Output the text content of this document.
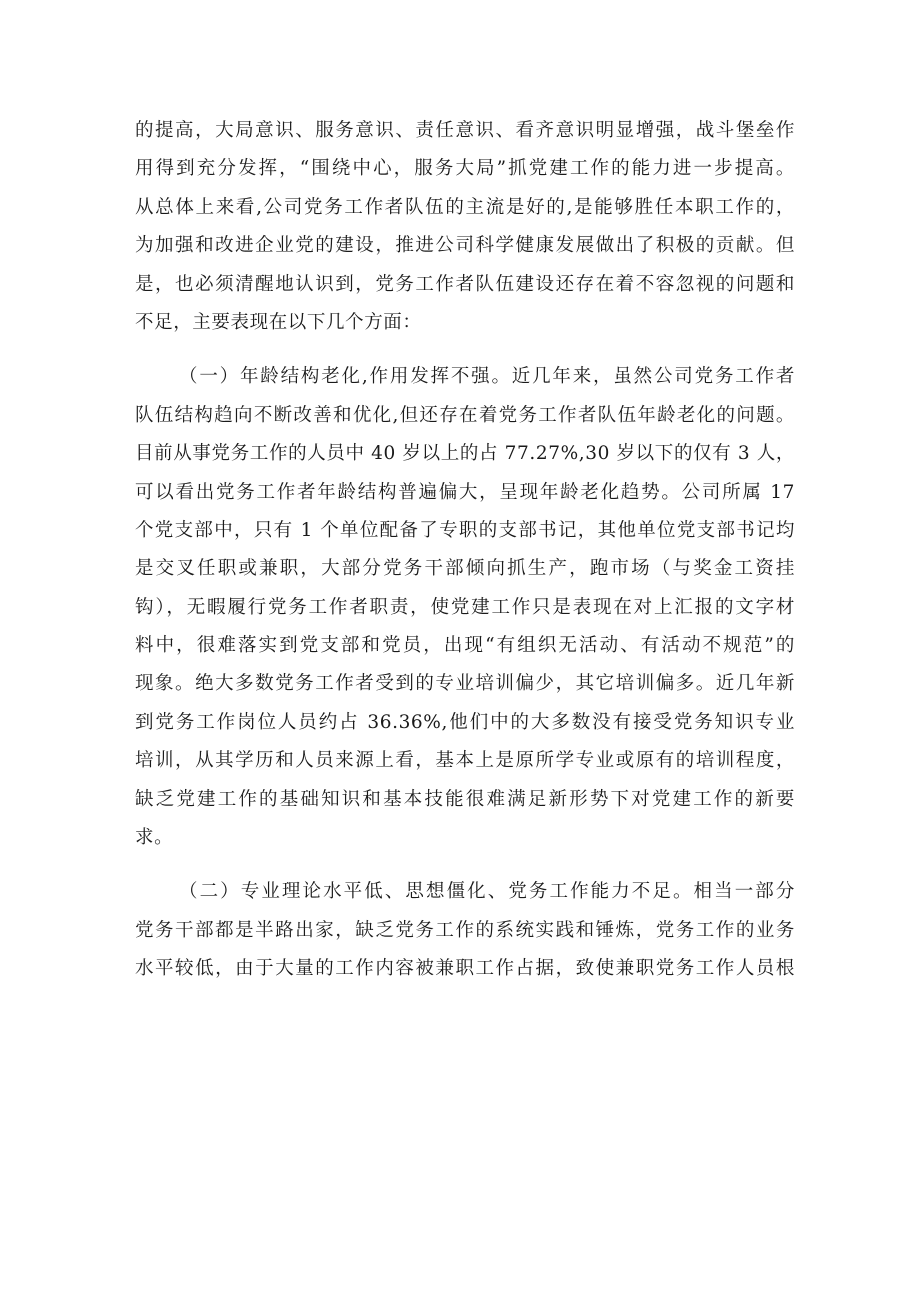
的提高，大局意识、服务意识、责任意识、看齐意识明显增强，战斗堡垒作
用得到充分发挥，“围绕中心，服务大局”抓党建工作的能力进一步提高。
从总体上来看,公司党务工作者队伍的主流是好的,是能够胜任本职工作的，
为加强和改进企业党的建设，推进公司科学健康发展做出了积极的贡献。但
是，也必须清醒地认识到，党务工作者队伍建设还存在着不容忽视的问题和
不足，主要表现在以下几个方面：
（一）年龄结构老化,作用发挥不强。近几年来，虽然公司党务工作者
队伍结构趋向不断改善和优化,但还存在着党务工作者队伍年龄老化的问题。
目前从事党务工作的人员中 40 岁以上的占 77.27%,30 岁以下的仅有 3 人，
可以看出党务工作者年龄结构普遍偏大，呈现年龄老化趋势。公司所属 17
个党支部中，只有 1 个单位配备了专职的支部书记，其他单位党支部书记均
是交叉任职或兼职，大部分党务干部倾向抓生产，跑市场（与奖金工资挂
钩），无暇履行党务工作者职责，使党建工作只是表现在对上汇报的文字材
料中，很难落实到党支部和党员，出现“有组织无活动、有活动不规范”的
现象。绝大多数党务工作者受到的专业培训偏少，其它培训偏多。近几年新
到党务工作岗位人员约占 36.36%,他们中的大多数没有接受党务知识专业
培训，从其学历和人员来源上看，基本上是原所学专业或原有的培训程度，
缺乏党建工作的基础知识和基本技能很难满足新形势下对党建工作的新要
求。
（二）专业理论水平低、思想僵化、党务工作能力不足。相当一部分
党务干部都是半路出家，缺乏党务工作的系统实践和锤炼，党务工作的业务
水平较低，由于大量的工作内容被兼职工作占据，致使兼职党务工作人员根
